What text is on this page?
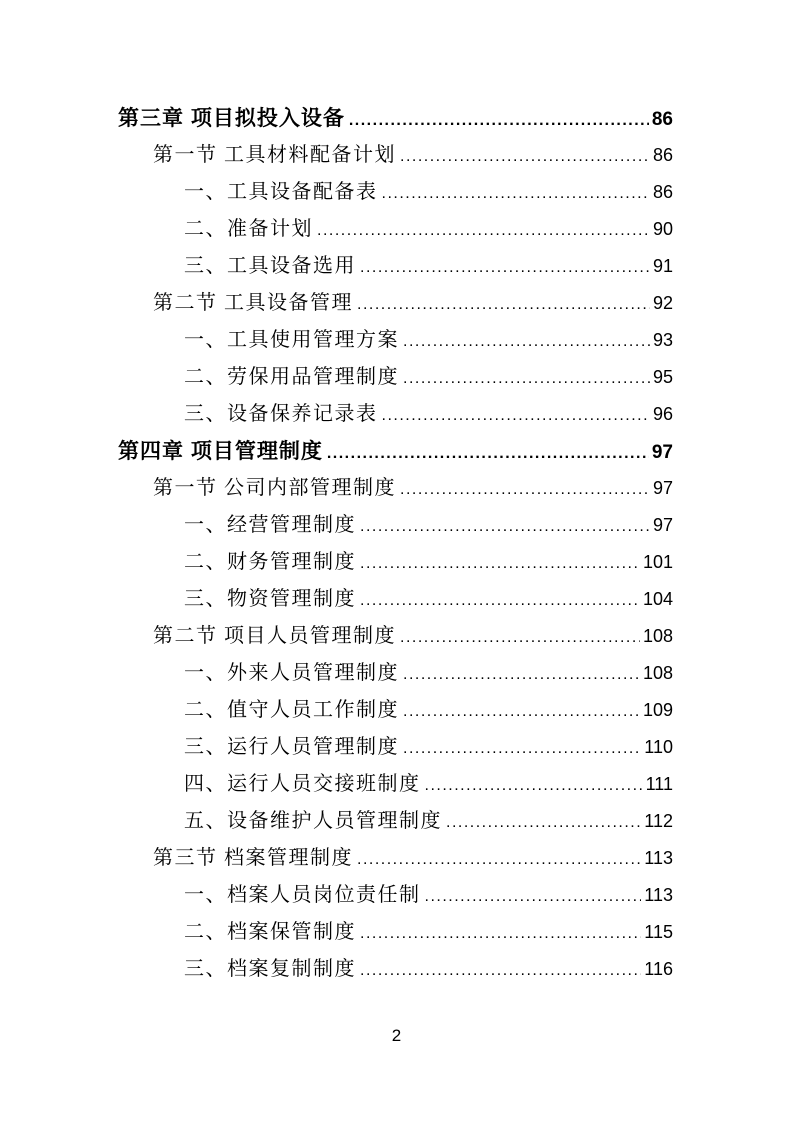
第三章 项目拟投入设备 .....	86
第一节 工具材料配备计划 .....	86
一、工具设备配备表 .....	86
二、准备计划 .....	90
三、工具设备选用 .....	91
第二节 工具设备管理 .....	92
一、工具使用管理方案 .....	93
二、劳保用品管理制度 .....	95
三、设备保养记录表 .....	96
第四章 项目管理制度 .....	97
第一节 公司内部管理制度 .....	97
一、经营管理制度 .....	97
二、财务管理制度 .....	101
三、物资管理制度 .....	104
第二节 项目人员管理制度 .....	108
一、外来人员管理制度 .....	108
二、值守人员工作制度 .....	109
三、运行人员管理制度 .....	110
四、运行人员交接班制度 .....	111
五、设备维护人员管理制度 .....	112
第三节 档案管理制度 .....	113
一、档案人员岗位责任制 .....	113
二、档案保管制度 .....	115
三、档案复制制度 .....	116
2
